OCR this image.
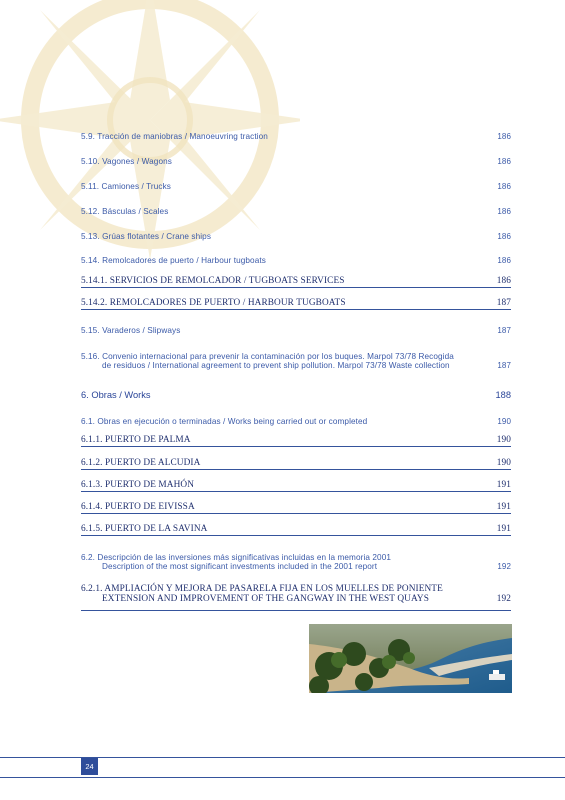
5.9. Tracción de maniobras / Manoeuvring traction	186
5.10. Vagones / Wagons	186
5.11. Camiones / Trucks	186
5.12. Básculas / Scales	186
5.13. Grúas flotantes / Crane ships	186
5.14. Remolcadores de puerto / Harbour tugboats	186
5.14.1. SERVICIOS DE REMOLCADOR / TUGBOATS SERVICES	186
5.14.2. REMOLCADORES DE PUERTO / HARBOUR TUGBOATS	187
5.15. Varaderos / Slipways	187
5.16. Convenio internacional para prevenir la contaminación por los buques. Marpol 73/78 Recogida
de residuos / International agreement to prevent ship pollution. Marpol 73/78 Waste collection	187
6. Obras / Works	188
6.1. Obras en ejecución o terminadas / Works being carried out or completed	190
6.1.1. PUERTO DE PALMA	190
6.1.2. PUERTO DE ALCUDIA	190
6.1.3. PUERTO DE MAHÓN	191
6.1.4. PUERTO DE EIVISSA	191
6.1.5. PUERTO DE LA SAVINA	191
6.2. Descripción de las inversiones más significativas incluidas en la memoria 2001
Description of the most significant investments included in the 2001 report	192
6.2.1. AMPLIACIÓN Y MEJORA DE PASARELA FIJA EN LOS MUELLES DE PONIENTE
EXTENSION AND IMPROVEMENT OF THE GANGWAY IN THE WEST QUAYS	192
24
